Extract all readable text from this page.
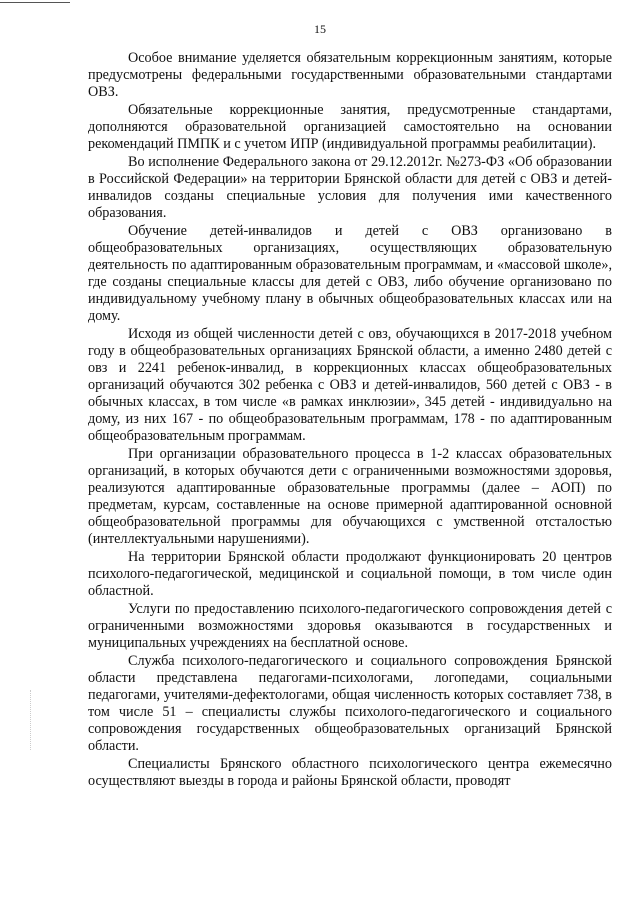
15

Особое внимание уделяется обязательным коррекционным занятиям, которые предусмотрены федеральными государственными образовательными стандартами ОВЗ.

Обязательные коррекционные занятия, предусмотренные стандартами, дополняются образовательной организацией самостоятельно на основании рекомендаций ПМПК и с учетом ИПР (индивидуальной программы реабилитации).

Во исполнение Федерального закона от 29.12.2012г. №273-ФЗ «Об образовании в Российской Федерации» на территории Брянской области для детей с ОВЗ и детей-инвалидов созданы специальные условия для получения ими качественного образования.

Обучение детей-инвалидов и детей с ОВЗ организовано в общеобразовательных организациях, осуществляющих образовательную деятельность по адаптированным образовательным программам, и «массовой школе», где созданы специальные классы для детей с ОВЗ, либо обучение организовано по индивидуальному учебному плану в обычных общеобразовательных классах или на дому.

Исходя из общей численности детей с овз, обучающихся в 2017-2018 учебном году в общеобразовательных организациях Брянской области, а именно 2480 детей с овз и 2241 ребенок-инвалид, в коррекционных классах общеобразовательных организаций обучаются 302 ребенка с ОВЗ и детей-инвалидов, 560 детей с ОВЗ - в обычных классах, в том числе «в рамках инклюзии», 345 детей - индивидуально на дому, из них 167 - по общеобразовательным программам, 178 - по адаптированным общеобразовательным программам.

При организации образовательного процесса в 1-2 классах образовательных организаций, в которых обучаются дети с ограниченными возможностями здоровья, реализуются адаптированные образовательные программы (далее – АОП) по предметам, курсам, составленные на основе примерной адаптированной основной общеобразовательной программы для обучающихся с умственной отсталостью (интеллектуальными нарушениями).

На территории Брянской области продолжают функционировать 20 центров психолого-педагогической, медицинской и социальной помощи, в том числе один областной.

Услуги по предоставлению психолого-педагогического сопровождения детей с ограниченными возможностями здоровья оказываются в государственных и муниципальных учреждениях на бесплатной основе.

Служба психолого-педагогического и социального сопровождения Брянской области представлена педагогами-психологами, логопедами, социальными педагогами, учителями-дефектологами, общая численность которых составляет 738, в том числе 51 – специалисты службы психолого-педагогического и социального сопровождения государственных общеобразовательных организаций Брянской области.

Специалисты Брянского областного психологического центра ежемесячно осуществляют выезды в города и районы Брянской области, проводят
